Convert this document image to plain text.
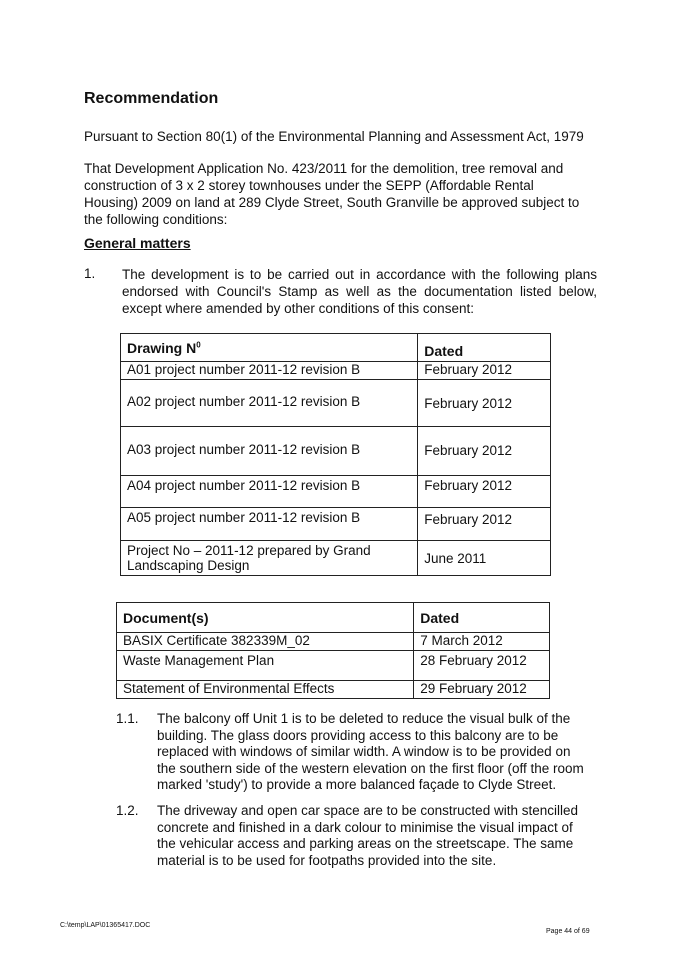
Recommendation
Pursuant to Section 80(1) of the Environmental Planning and Assessment Act, 1979
That Development Application No. 423/2011 for the demolition, tree removal and construction of 3 x 2 storey townhouses under the SEPP (Affordable Rental Housing) 2009 on land at 289 Clyde Street, South Granville be approved subject to the following conditions:
General matters
1. The development is to be carried out in accordance with the following plans endorsed with Council's Stamp as well as the documentation listed below, except where amended by other conditions of this consent:
Drawing $N^0$	Dated
A01 project number 2011-12 revision B	February 2012
A02 project number 2011-12 revision B	February 2012
A03 project number 2011-12 revision B	February 2012
A04 project number 2011-12 revision B	February 2012
A05 project number 2011-12 revision B	February 2012
Project No – 2011-12 prepared by Grand Landscaping Design	June 2011
Document(s)	Dated
BASIX Certificate 382339M_02	7 March 2012
Waste Management Plan	28 February 2012
Statement of Environmental Effects	29 February 2012
1.1. The balcony off Unit 1 is to be deleted to reduce the visual bulk of the building. The glass doors providing access to this balcony are to be replaced with windows of similar width. A window is to be provided on the southern side of the western elevation on the first floor (off the room marked 'study') to provide a more balanced façade to Clyde Street.
1.2. The driveway and open car space are to be constructed with stencilled concrete and finished in a dark colour to minimise the visual impact of the vehicular access and parking areas on the streetscape. The same material is to be used for footpaths provided into the site.
C:\temp\LAP\01365417.DOC
Page 44 of 69
